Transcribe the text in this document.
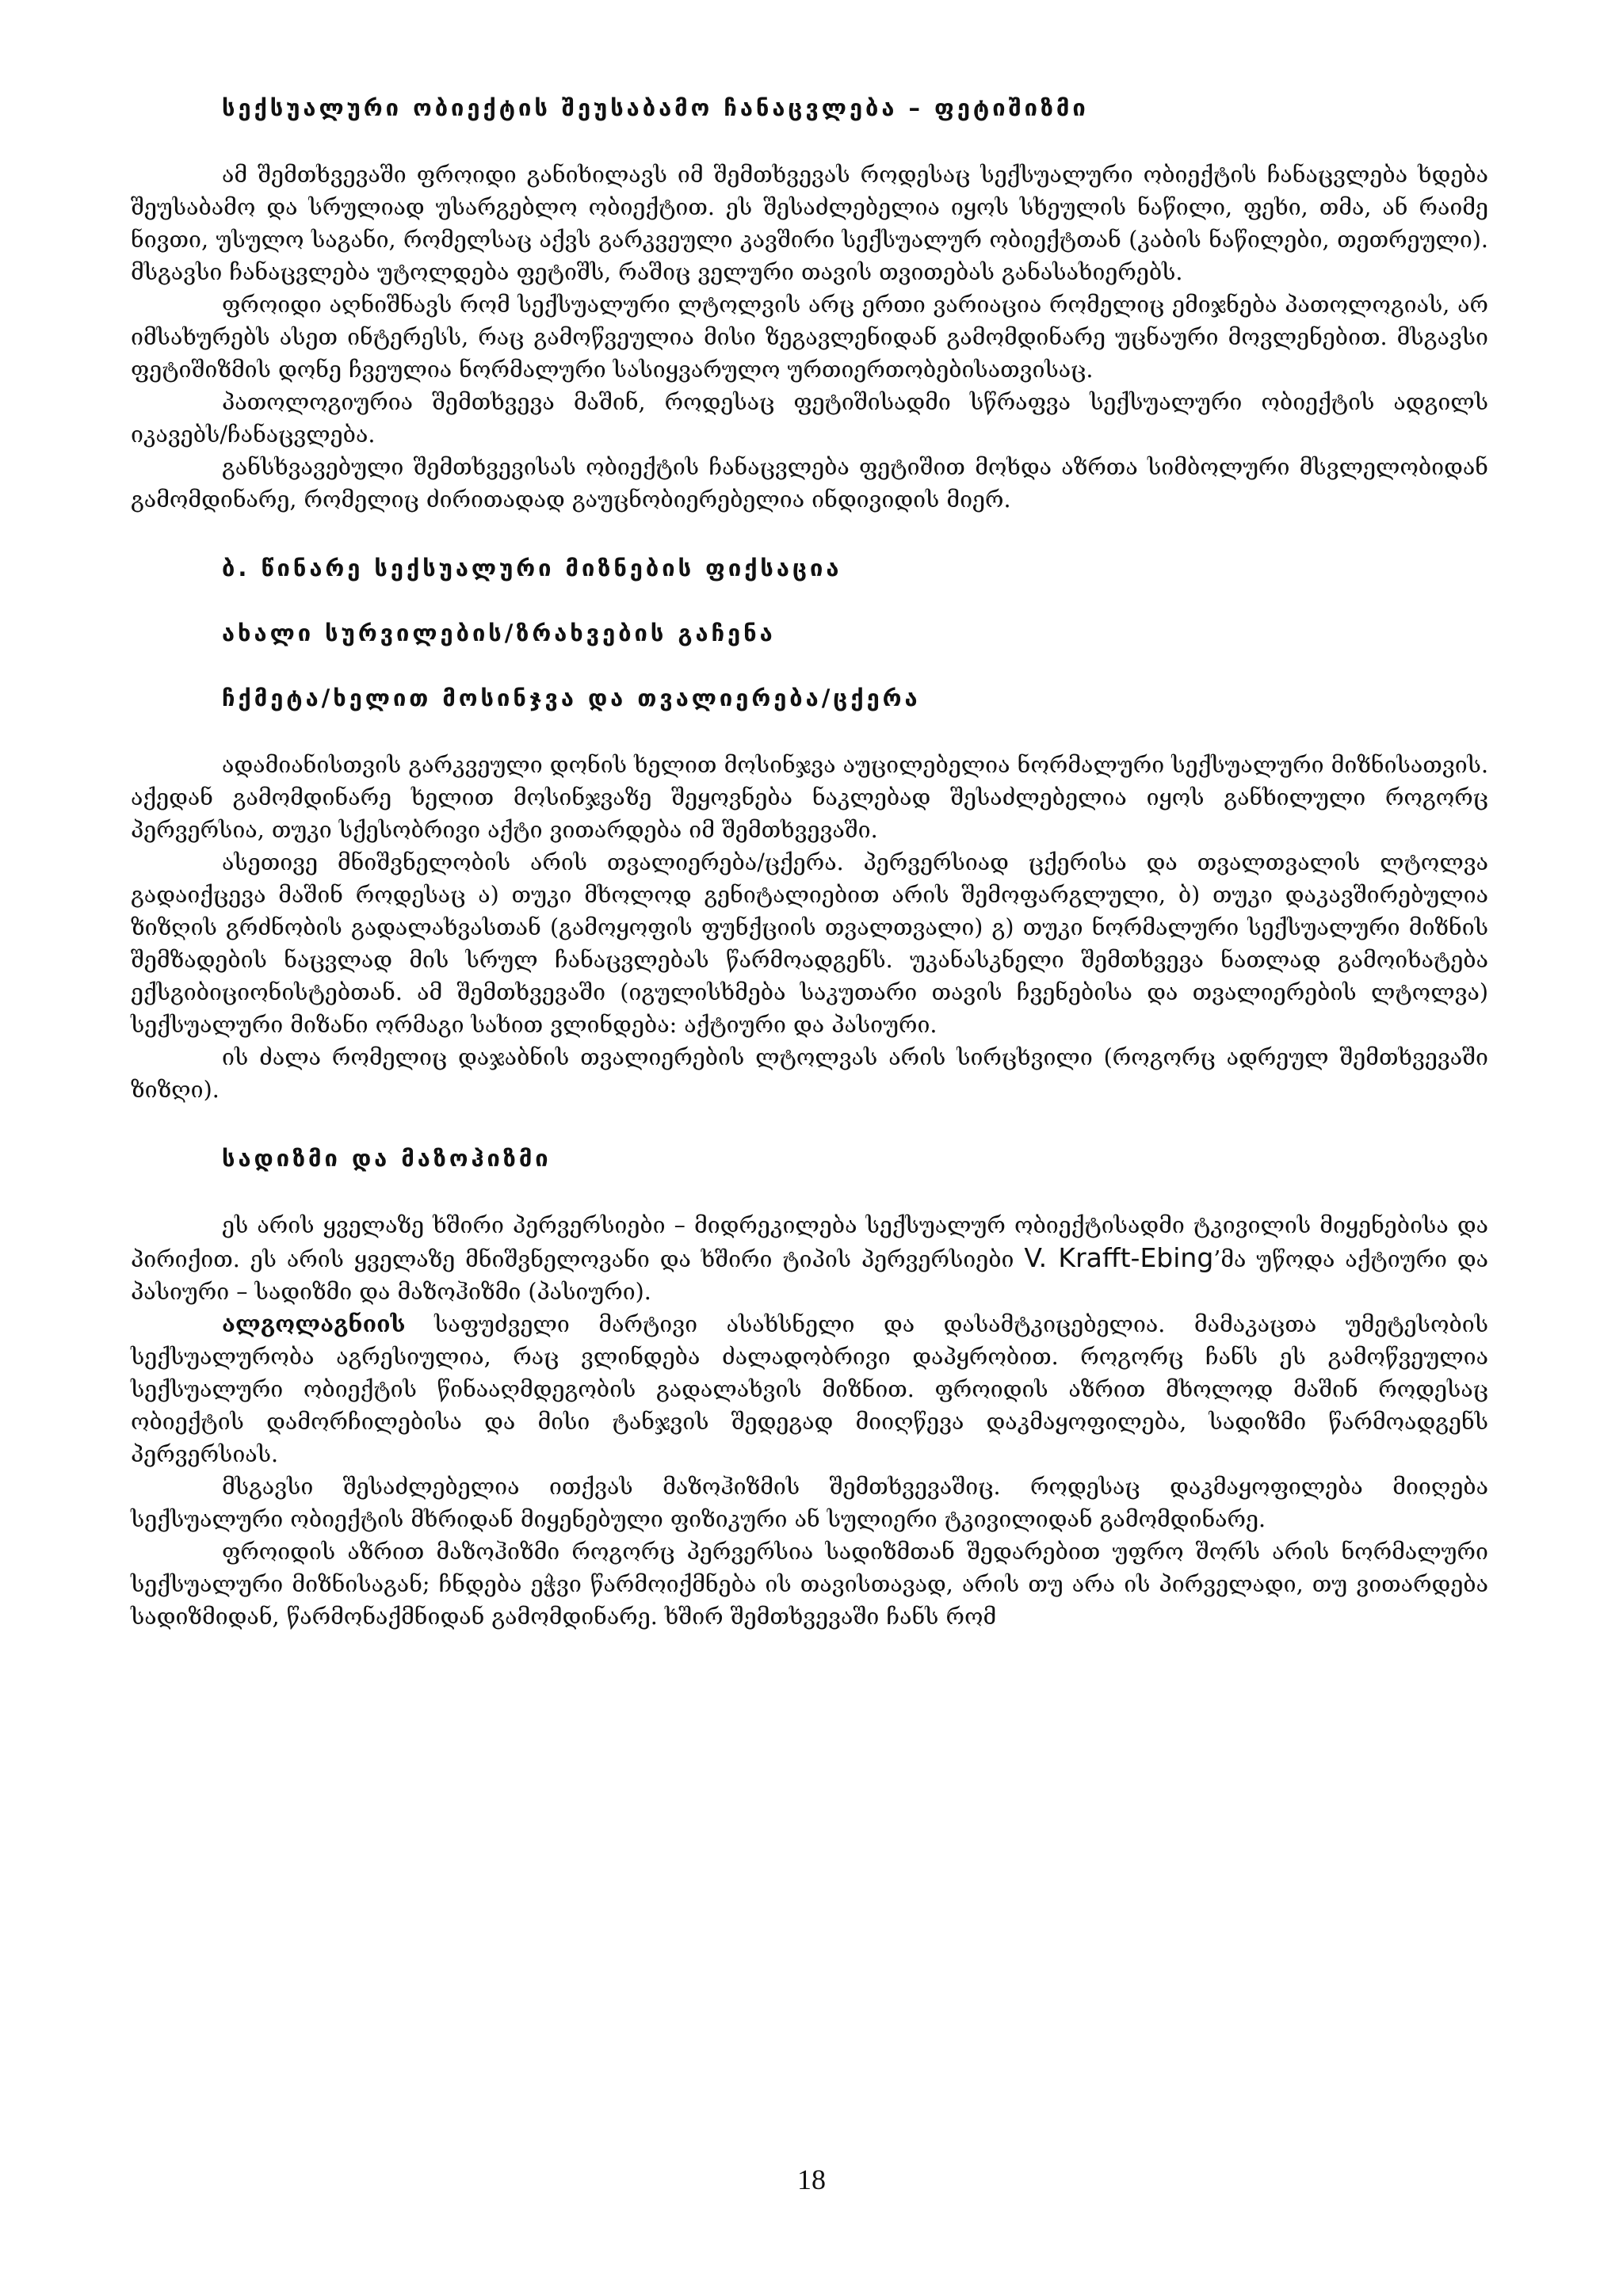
სექსუალური ობიექტის შეუსაბამო ჩანაცვლება – ფეტიშიზმი

ამ შემთხვევაში ფროიდი განიხილავს იმ შემთხვევას როდესაც სექსუალური ობიექტის ჩანაცვლება ხდება შეუსაბამო და სრულიად უსარგებლო ობიექტით. ეს შესაძლებელია იყოს სხეულის ნაწილი, ფეხი, თმა, ან რაიმე ნივთი, უსულო საგანი, რომელსაც აქვს გარკვეული კავშირი სექსუალურ ობიექტთან (კაბის ნაწილები, თეთრეული). მსგავსი ჩანაცვლება უტოლდება ფეტიშს, რაშიც ველური თავის თვითებას განასახიერებს.

ფროიდი აღნიშნავს რომ სექსუალური ლტოლვის არც ერთი ვარიაცია რომელიც ემიჯნება პათოლოგიას, არ იმსახურებს ასეთ ინტერესს, რაც გამოწვეულია მისი ზეგავლენიდან გამომდინარე უცნაური მოვლენებით. მსგავსი ფეტიშიზმის დონე ჩვეულია ნორმალური სასიყვარულო ურთიერთობებისათვისაც.

პათოლოგიურია შემთხვევა მაშინ, როდესაც ფეტიშისადმი სწრაფვა სექსუალური ობიექტის ადგილს იკავებს/ჩანაცვლება.

განსხვავებული შემთხვევისას ობიექტის ჩანაცვლება ფეტიშით მოხდა აზრთა სიმბოლური მსვლელობიდან გამომდინარე, რომელიც ძირითადად გაუცნობიერებელია ინდივიდის მიერ.

ბ. წინარე სექსუალური მიზნების ფიქსაცია
ახალი სურვილების/ზრახვების გაჩენა
ჩქმეტა/ხელით მოსინჯვა და თვალიერება/ცქერა

ადამიანისთვის გარკვეული დონის ხელით მოსინჯვა აუცილებელია ნორმალური სექსუალური მიზნისათვის. აქედან გამომდინარე ხელით მოსინჯვაზე შეყოვნება ნაკლებად შესაძლებელია იყოს განხილული როგორც პერვერსია, თუკი სქესობრივი აქტი ვითარდება იმ შემთხვევაში.

ასეთივე მნიშვნელობის არის თვალიერება/ცქერა. პერვერსიად ცქერისა და თვალთვალის ლტოლვა გადაიქცევა მაშინ როდესაც ა) თუკი მხოლოდ გენიტალიებით არის შემოფარგლული, ბ) თუკი დაკავშირებულია ზიზღის გრძნობის გადალახვასთან (გამოყოფის ფუნქციის თვალთვალი) გ) თუკი ნორმალური სექსუალური მიზნის შემზადების ნაცვლად მის სრულ ჩანაცვლებას წარმოადგენს. უკანასკნელი შემთხვევა ნათლად გამოიხატება ექსგიბიციონისტებთან. ამ შემთხვევაში (იგულისხმება საკუთარი თავის ჩვენებისა და თვალიერების ლტოლვა) სექსუალური მიზანი ორმაგი სახით ვლინდება: აქტიური და პასიური.

ის ძალა რომელიც დაჯაბნის თვალიერების ლტოლვას არის სირცხვილი (როგორც ადრეულ შემთხვევაში ზიზღი).

სადიზმი და მაზოჰიზმი

ეს არის ყველაზე ხშირი პერვერსიები – მიდრეკილება სექსუალურ ობიექტისადმი ტკივილის მიყენებისა და პირიქით. ეს არის ყველაზე მნიშვნელოვანი და ხშირი ტიპის პერვერსიები V. Krafft-Ebing’მა უწოდა აქტიური და პასიური – სადიზმი და მაზოჰიზმი (პასიური).

ალგოლაგნიის საფუძველი მარტივი ასახსნელი და დასამტკიცებელია. მამაკაცთა უმეტესობის სექსუალურობა აგრესიულია, რაც ვლინდება ძალადობრივი დაპყრობით. როგორც ჩანს ეს გამოწვეულია სექსუალური ობიექტის წინააღმდეგობის გადალახვის მიზნით. ფროიდის აზრით მხოლოდ მაშინ როდესაც ობიექტის დამორჩილებისა და მისი ტანჯვის შედეგად მიიღწევა დაკმაყოფილება, სადიზმი წარმოადგენს პერვერსიას.

მსგავსი შესაძლებელია ითქვას მაზოჰიზმის შემთხვევაშიც. როდესაც დაკმაყოფილება მიიღება სექსუალური ობიექტის მხრიდან მიყენებული ფიზიკური ან სულიერი ტკივილიდან გამომდინარე.

ფროიდის აზრით მაზოჰიზმი როგორც პერვერსია სადიზმთან შედარებით უფრო შორს არის ნორმალური სექსუალური მიზნისაგან; ჩნდება ეჭვი წარმოიქმნება ის თავისთავად, არის თუ არა ის პირველადი, თუ ვითარდება სადიზმიდან, წარმონაქმნიდან გამომდინარე. ხშირ შემთხვევაში ჩანს რომ

18
